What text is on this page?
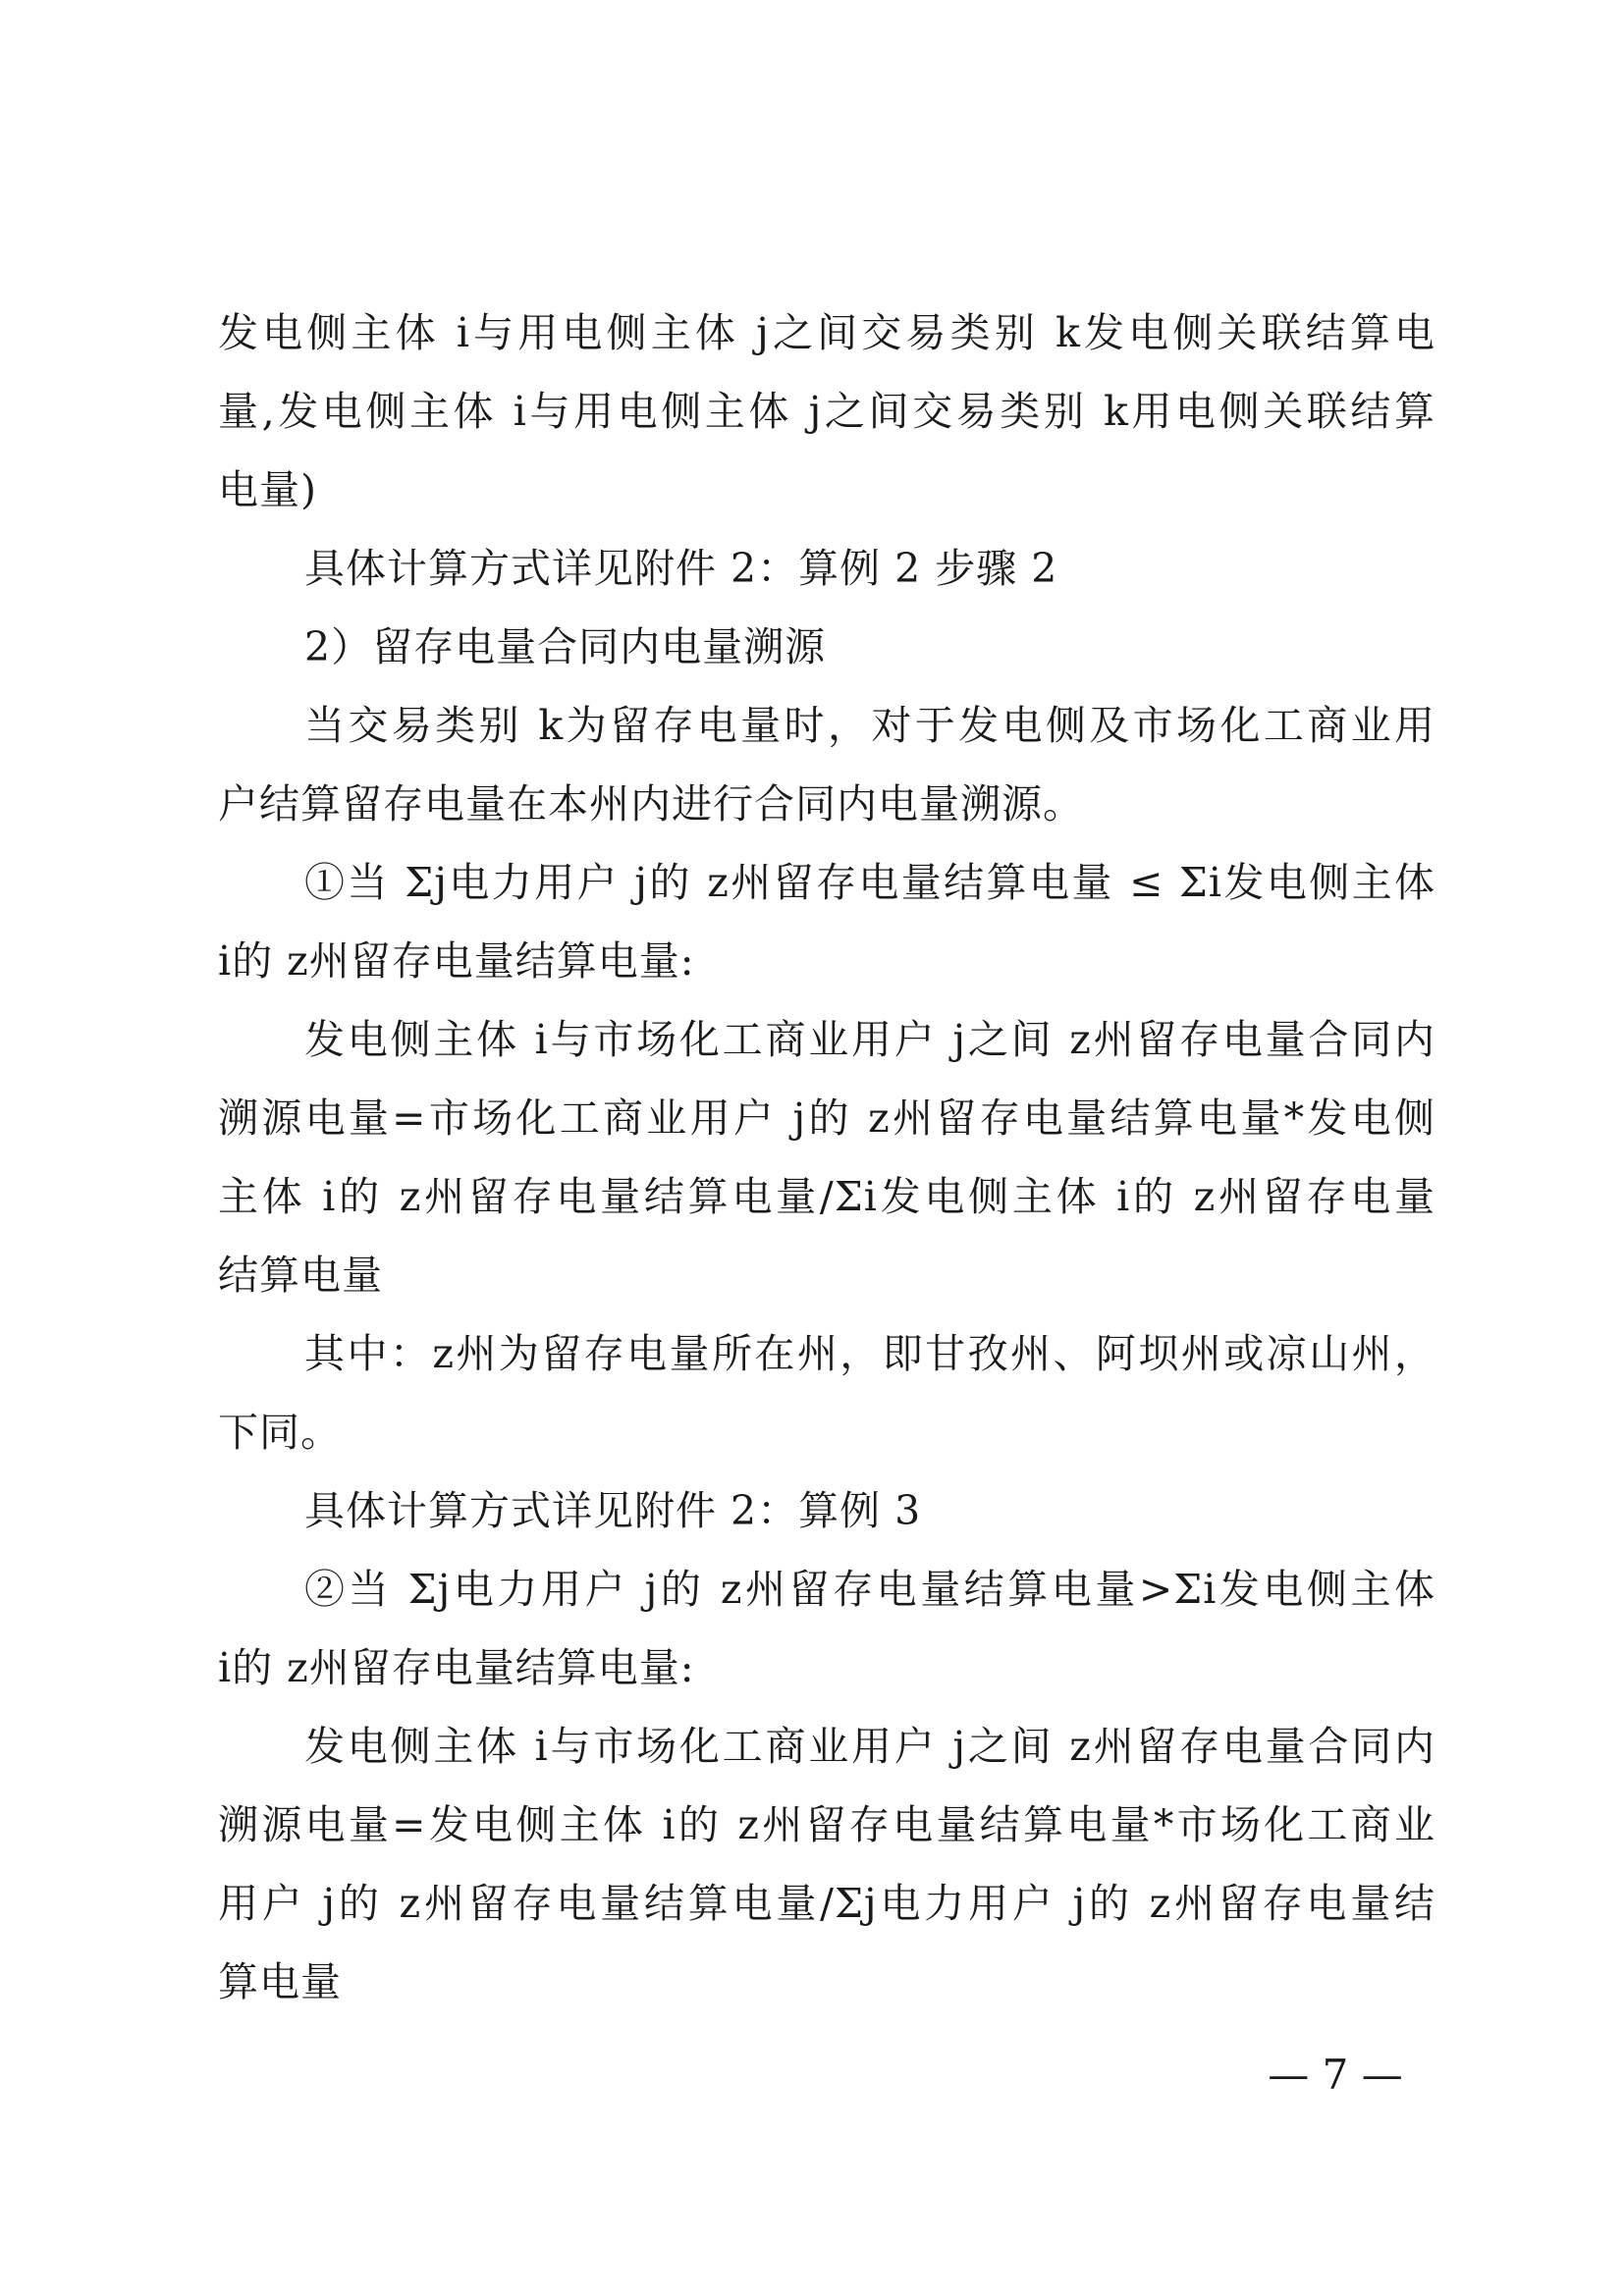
发电侧主体 i与用电侧主体 j之间交易类别 k发电侧关联结算电
量,发电侧主体 i与用电侧主体 j之间交易类别 k用电侧关联结算
电量)
具体计算方式详见附件 2：算例 2 步骤 2
2）留存电量合同内电量溯源
当交易类别 k为留存电量时，对于发电侧及市场化工商业用
户结算留存电量在本州内进行合同内电量溯源。
①当 Σj电力用户 j的 z州留存电量结算电量 ≤ Σi发电侧主体
i的 z州留存电量结算电量:
发电侧主体 i与市场化工商业用户 j之间 z州留存电量合同内
溯源电量=市场化工商业用户 j的 z州留存电量结算电量*发电侧
主体 i的 z州留存电量结算电量/Σi发电侧主体 i的 z州留存电量
结算电量
其中：z州为留存电量所在州，即甘孜州、阿坝州或凉山州，
下同。
具体计算方式详见附件 2：算例 3
②当 Σj电力用户 j的 z州留存电量结算电量>Σi发电侧主体
i的 z州留存电量结算电量:
发电侧主体 i与市场化工商业用户 j之间 z州留存电量合同内
溯源电量=发电侧主体 i的 z州留存电量结算电量*市场化工商业
用户 j的 z州留存电量结算电量/Σj电力用户 j的 z州留存电量结
算电量
— 7 —
